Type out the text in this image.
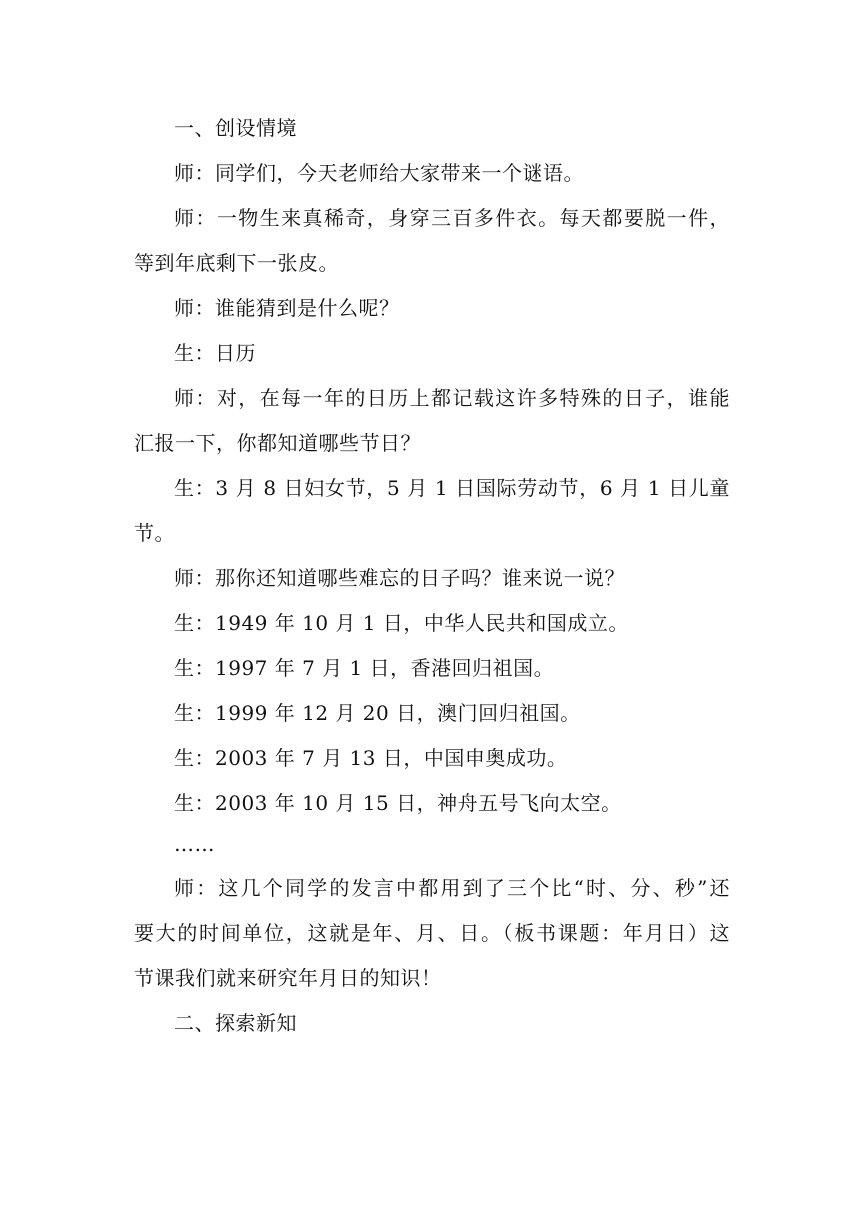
一、创设情境
师：同学们，今天老师给大家带来一个谜语。
师：一物生来真稀奇，身穿三百多件衣。每天都要脱一件，
等到年底剩下一张皮。
师：谁能猜到是什么呢？
生：日历
师：对，在每一年的日历上都记载这许多特殊的日子，谁能
汇报一下，你都知道哪些节日？
生：3 月 8 日妇女节，5 月 1 日国际劳动节，6 月 1 日儿童
节。
师：那你还知道哪些难忘的日子吗？谁来说一说？
生：1949 年 10 月 1 日，中华人民共和国成立。
生：1997 年 7 月 1 日，香港回归祖国。
生：1999 年 12 月 20 日，澳门回归祖国。
生：2003 年 7 月 13 日，中国申奥成功。
生：2003 年 10 月 15 日，神舟五号飞向太空。
……
师：这几个同学的发言中都用到了三个比“时、分、秒”还
要大的时间单位，这就是年、月、日。（板书课题：年月日）这
节课我们就来研究年月日的知识！
二、探索新知
